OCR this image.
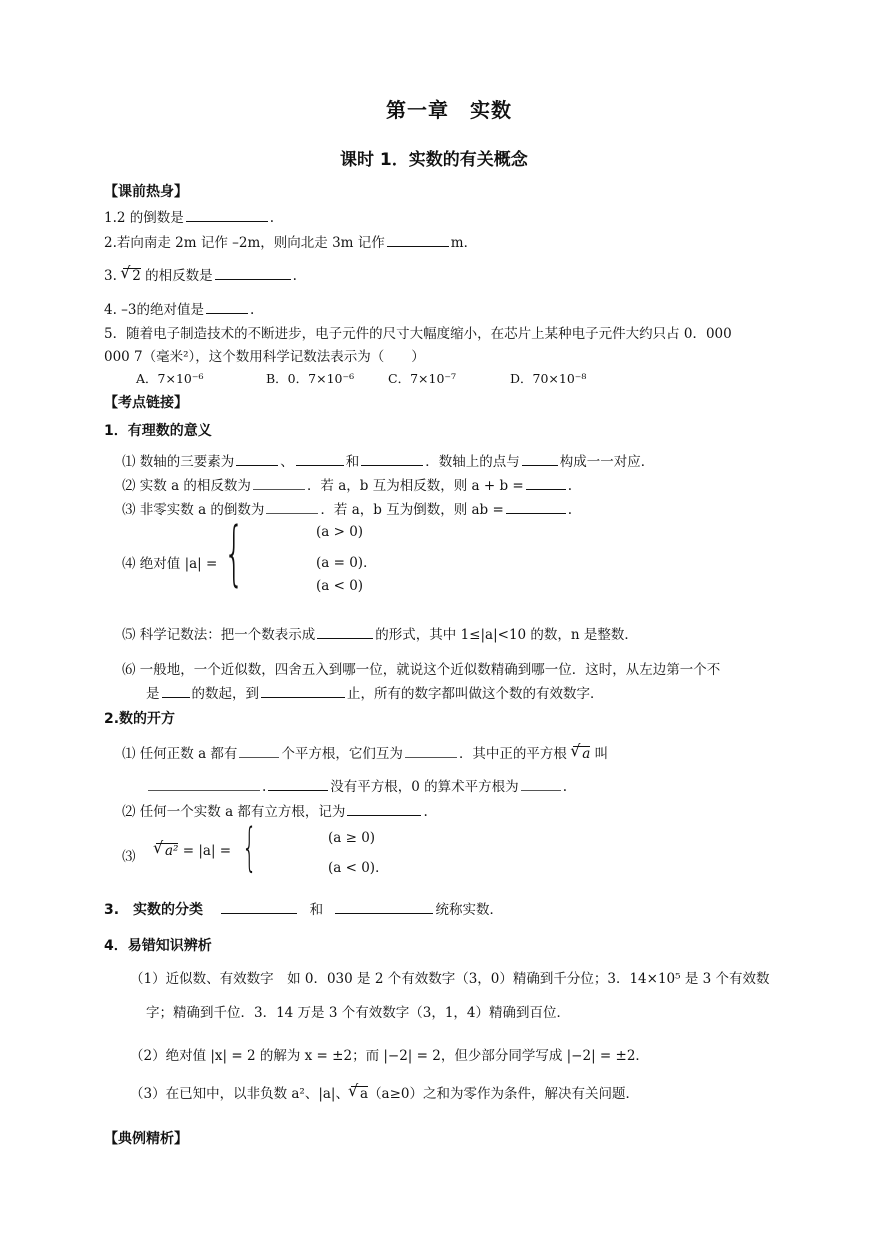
第一章　实数
课时 1．实数的有关概念
【课前热身】
1.2 的倒数是	.
2.若向南走 2m 记作 –2m，则向北走 3m 记作	m．
3. √ 2 的相反数是	.
4. –3的绝对值是	.
5．随着电子制造技术的不断进步，电子元件的尺寸大幅度缩小，在芯片上某种电子元件大约只占 0．000
000 7（毫米²），这个数用科学记数法表示为（　　）
A．7×10⁻⁶	B．0．7×10⁻⁶	C．7×10⁻⁷	D．70×10⁻⁸
【考点链接】
1．有理数的意义
⑴ 数轴的三要素为	、	和	．数轴上的点与	构成一一对应．
⑵ 实数 a 的相反数为	．若 a，b 互为相反数，则 a + b =	.
⑶ 非零实数 a 的倒数为	．若 a，b 互为倒数，则 ab =	.
⑷ 绝对值 |a| = {	(a > 0)
(a = 0)．
(a < 0)
⑸ 科学记数法：把一个数表示成	的形式，其中 1≤|a|<10 的数，n 是整数．
⑹ 一般地，一个近似数，四舍五入到哪一位，就说这个近似数精确到哪一位．这时，从左边第一个不
是 的数起，到	止，所有的数字都叫做这个数的有效数字．
2.数的开方
⑴ 任何正数 a 都有	个平方根，它们互为	．其中正的平方根 √ a 叫
.	没有平方根，0 的算术平方根为	.
⑵ 任何一个实数 a 都有立方根，记为	.
⑶	√ a² = |a| = {	(a ≥ 0)
(a < 0)．
3.　实数的分类	和	统称实数．
4．易错知识辨析
（1）近似数、有效数字　如 0．030 是 2 个有效数字（3，0）精确到千分位；3．14×10⁵ 是 3 个有效数
字；精确到千位．3．14 万是 3 个有效数字（3，1，4）精确到百位．
（2）绝对值 |x| = 2 的解为 x = ±2；而 |−2| = 2，但少部分同学写成 |−2| = ±2．
（3）在已知中，以非负数 a²、|a|、 √ a（a≥0）之和为零作为条件，解决有关问题．
【典例精析】
